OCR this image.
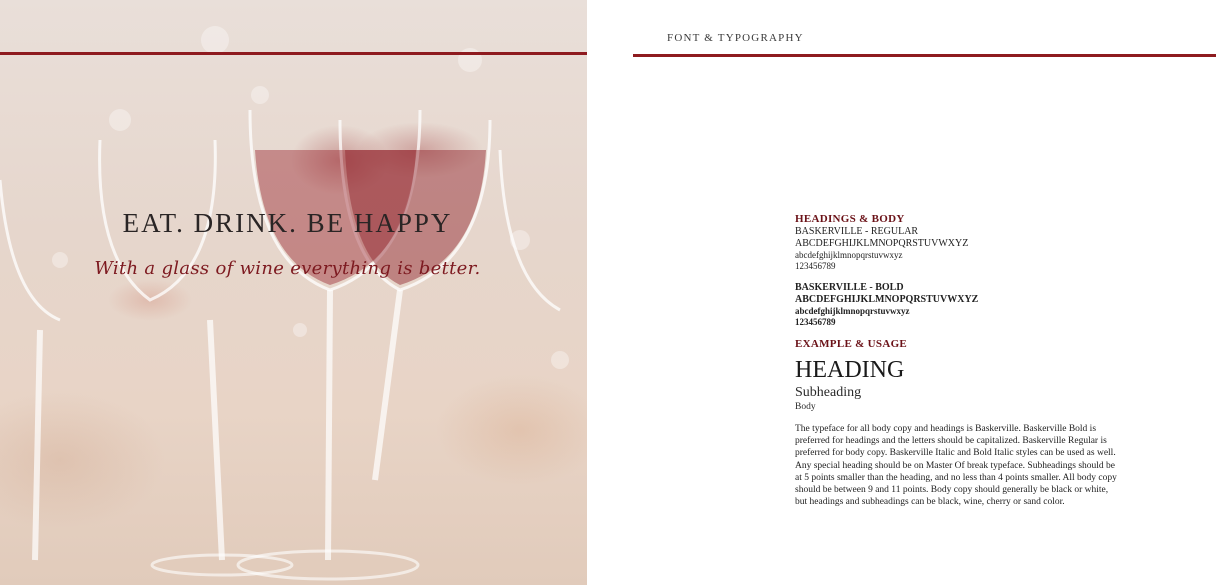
EAT. DRINK. BE HAPPY
With a glass of wine everything is better.
FONT & TYPOGRAPHY
HEADINGS & BODY
BASKERVILLE - REGULAR
ABCDEFGHIJKLMNOPQRSTUVWXYZ
abcdefghijklmnopqrstuvwxyz
123456789
BASKERVILLE - BOLD
ABCDEFGHIJKLMNOPQRSTUVWXYZ
abcdefghijklmnopqrstuvwxyz
123456789
EXAMPLE & USAGE
HEADING
Subheading
Body
The typeface for all body copy and headings is Baskerville. Baskerville Bold is
preferred for headings and the letters should be capitalized. Baskerville Regular is
preferred for body copy. Baskerville Italic and Bold Italic styles can be used as well.
Any special heading should be on Master Of break typeface. Subheadings should be
at 5 points smaller than the heading, and no less than 4 points smaller. All body copy
should be between 9 and 11 points. Body copy should generally be black or white,
but headings and subheadings can be black, wine, cherry or sand color.
